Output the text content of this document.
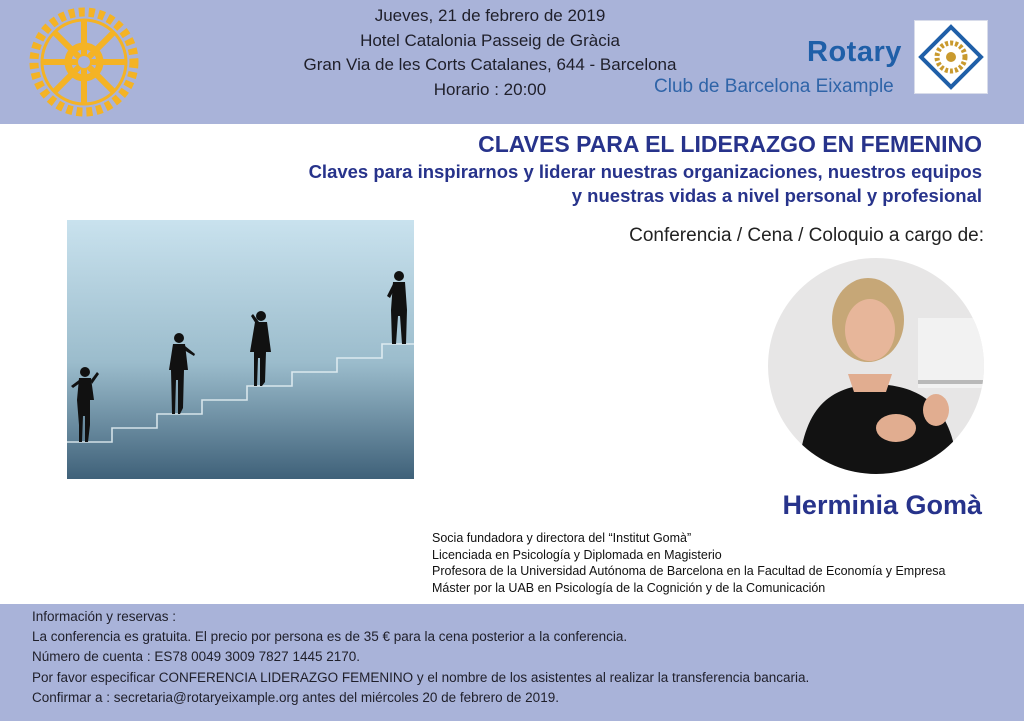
Jueves, 21 de febrero de 2019
Hotel Catalonia Passeig de Gràcia
Gran Via de les Corts Catalanes, 644 - Barcelona
Horario : 20:00
Rotary
Club de Barcelona Eixample
CLAVES PARA EL LIDERAZGO EN FEMENINO
Claves para inspirarnos y liderar nuestras organizaciones, nuestros equipos
y nuestras vidas a nivel personal y profesional
Conferencia / Cena / Coloquio a cargo de:
Herminia Gomà
Socia fundadora y directora del “Institut Gomà”
Licenciada en Psicología y Diplomada en Magisterio
Profesora de la Universidad Autónoma de Barcelona en la Facultad de Economía y Empresa
Máster por la UAB en Psicología de la Cognición y de la Comunicación
Información y reservas :
La conferencia es gratuita. El precio por persona es de 35 € para la cena posterior a la conferencia.
Número de cuenta : ES78 0049 3009 7827 1445 2170.
Por favor especificar CONFERENCIA LIDERAZGO FEMENINO y el nombre de los asistentes al realizar la transferencia bancaria.
Confirmar a : secretaria@rotaryeixample.org antes del miércoles 20 de febrero de 2019.
